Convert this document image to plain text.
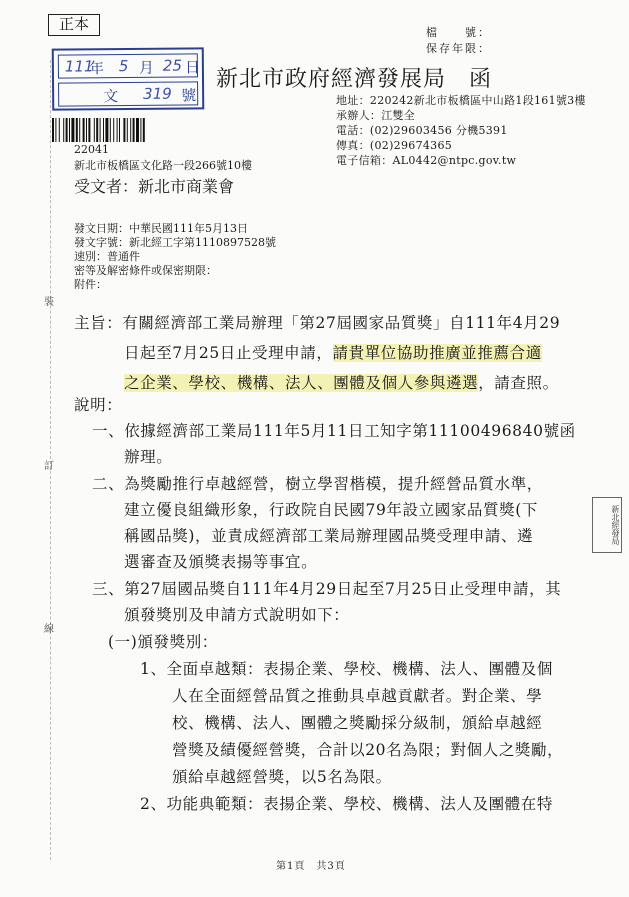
正本	檔　　號：
保存年限：
111
年 5 月 25 日
文 319 號
新北市政府經濟發展局　函
地址：220242新北市板橋區中山路1段161號3樓
承辦人：江雙全
電話：(02)29603456 分機5391
傳真：(02)29674365
電子信箱：AL0442@ntpc.gov.tw
22041
新北市板橋區文化路一段266號10樓
受文者：新北市商業會
發文日期：中華民國111年5月13日
發文字號：新北經工字第1110897528號
速別：普通件
密等及解密條件或保密期限：
附件：
裝
訂
線
主旨：有關經濟部工業局辦理「第27屆國家品質獎」自111年4月29
日起至7月25日止受理申請，請貴單位協助推廣並推薦合適
之企業、學校、機構、法人、團體及個人參與遴選，請查照。
說明：
一、依據經濟部工業局111年5月11日工知字第11100496840號函
辦理。
二、為獎勵推行卓越經營，樹立學習楷模，提升經營品質水準，
建立優良組織形象，行政院自民國79年設立國家品質獎(下
稱國品獎)，並責成經濟部工業局辦理國品獎受理申請、遴
選審查及頒獎表揚等事宜。
三、第27屆國品獎自111年4月29日起至7月25日止受理申請，其
頒發獎別及申請方式說明如下：
(一)頒發獎別：
1、全面卓越類：表揚企業、學校、機構、法人、團體及個
人在全面經營品質之推動具卓越貢獻者。對企業、學
校、機構、法人、團體之獎勵採分級制，頒給卓越經
營獎及績優經營獎，合計以20名為限；對個人之獎勵，
頒給卓越經營獎，以5名為限。
2、功能典範類：表揚企業、學校、機構、法人及團體在特
新北經發局
第1頁　共3頁
